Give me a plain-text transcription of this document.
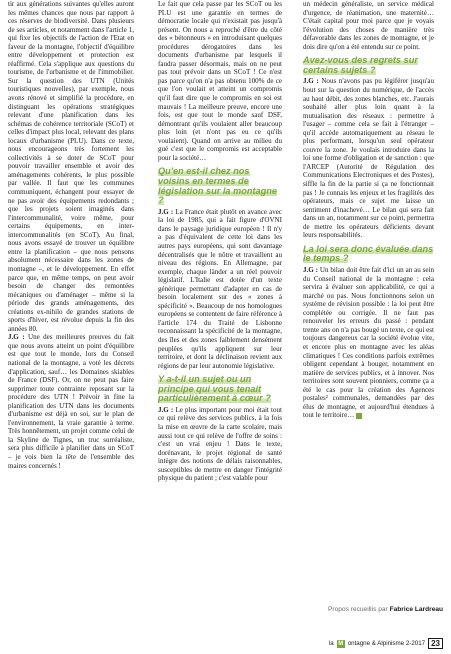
tir aux générations suivantes qu'elles auront les mêmes chances que nous par rapport à ces réserves de biodiversité. Dans plusieurs de ses articles, et notamment dans l'article 1, qui fixe les objectifs de l'action de l'Etat en faveur de la montagne, l'objectif d'équilibre entre développement et protection est réaffirmé. Cela s'applique aux questions du tourisme, de l'urbanisme et de l'immobilier. Sur la question des UTN (Unités touristiques nouvelles), par exemple, nous avons rénové et simplifié la procédure, en distinguant les opérations stratégiques relevant d'une planification dans les schémas de cohérence territoriale (SCoT) et celles d'impact plus local, relevant des plans locaux d'urbanisme (PLU). Dans ce texte, nous encourageons très fortement les collectivités à se doter de SCoT pour pouvoir travailler ensemble et avoir des aménagements cohérents, le plus possible par vallée. Il faut que les communes communiquent, échangent pour essayer de ne pas avoir des équipements redondants ; que les projets soient imaginés dans l'intercommunalité, voire même, pour certains équipements, en inter-intercommunalités (en SCoT). Au final, nous avons essayé de trouver un équilibre entre la planification – que nous pensons absolument nécessaire dans les zones de montagne –, et le développement. En effet parce que, en même temps, on peut avoir besoin de changer des remontées mécaniques ou d'aménager – même si la période des grands aménagements, des créations ex-nihilo de grandes stations de sports d'hiver, est révolue depuis la fin des années 80.

J.G : Une des meilleures preuves du fait que nous avons atteint un point d'équilibre est que tout le monde, lors du Conseil national de la montagne, a voté les décrets d'application, sauf… les Domaines skiables de France (DSF). Or, on ne peut pas faire supprimer toute contrainte reposant sur la procédure des UTN ! Prévoir in fine la planification des UTN dans les documents d'urbanisme est déjà en soi, sur le plan de l'environnement, la vraie garantie à terme. Très honnêtement, un projet comme celui de la Skyline de Tignes, un truc surréaliste, sera plus difficile à planifier dans un SCoT – je vois bien la tête de l'ensemble des maires concernés !

Le fait que cela passe par les SCoT ou les PLU est une garantie en termes de démocratie locale qui n'existait pas jusqu'à présent. On nous a reproché d'être du côté des « bétonneurs » en introduisant quelques procédures dérogatoires dans les documents d'urbanisme par lesquels il faudra passer désormais, mais on ne peut pas tout prévoir dans un SCoT ! Ce n'est pas parce qu'on n'a pas obtenu 100% de ce que l'on voulait et atteint un compromis qu'il faut dire que le compromis en soi est mauvais ! La meilleure preuve, encore une fois, est que tout le monde sauf DSF, démontrant qu'ils voulaient aller beaucoup plus loin (et n'ont pas eu ce qu'ils voulaient). Quand on arrive au milieu du gué c'est que le compromis est acceptable pour la société…

Qu'en est-il chez nos voisins en termes de législation sur la montagne ?

J.G : La France était plutôt en avance avec la loi de 1985, qui a fait figure d'OVNI dans le paysage juridique européen ! Il n'y a pas d'équivalent de cette loi dans les autres pays européens, qui sont davantage décentralisés que le nôtre et travaillent au niveau des régions. En Allemagne, par exemple, chaque länder a un réel pouvoir législatif. L'Italie est dotée d'un texte générique permettant d'adapter en cas de besoin localement sur des « zones à spécificité ». Beaucoup de nos homologues européens se contentent de faire référence à l'article 174 du Traité de Lisbonne reconnaissant la spécificité de la montagne, des îles et des zones faiblement densément peuplées qu'ils appliquent sur leur territoire, et dont la déclinaison revient aux régions de par leur autonomie législative.

Y a-t-il un sujet ou un principe qui vous tenait particulièrement à cœur ?

J.G : Le plus important pour moi était tout ce qui relève des services publics, à la fois la mise en œuvre de la carte scolaire, mais aussi tout ce qui relève de l'offre de soins : c'est un vrai enjeu ! Dans le texte, dorénavant, le projet régional de santé intègre des notions de délais raisonnables, susceptibles de mettre en danger l'intégrité physique du patient ; c'est valable pour

un médecin généraliste, un service médical d'urgence, de réanimation, une maternité… C'était capital pour moi parce que je voyais l'évolution des choses de manière très défavorable dans les zones de montagne, et je dois dire qu'on a été entendu sur ce point.

Avez-vous des regrets sur certains sujets ?

J.G : Nous n'avons pas pu légiférer jusqu'au bout sur la question du numérique, de l'accès au haut débit, des zones blanches, etc. J'aurais souhaité aller plus loin quant à la mutualisation des réseaux : permettre à l'usager – comme cela se fait à l'étranger – qu'il accède automatiquement au réseau le plus performant, lorsqu'un seul opérateur couvre la zone. Je voulais introduire dans la loi une forme d'obligation et de sanction : que l'ARCEP (Autorité de Régulation des Communications Electroniques et des Postes), siffle la fin de la partie si ça ne fonctionnait pas ! Je connais les enjeux et les fragilités des opérateurs, mais ce sujet me laisse un sentiment d'inachevé… Le bilan qui sera fait dans un an, notamment sur ce point, permettra de mettre les opérateurs déficients devant leurs responsabilités.

La loi sera donc évaluée dans le temps ?

J.G : Un bilan doit être fait d'ici un an au sein du Conseil national de la montagne : cela servira à évaluer son applicabilité, ce qui a marché ou pas. Nous fonctionnons selon un système de révision possible : la loi peut être complétée ou corrigée. Il ne faut pas renouveler les erreurs du passé : pendant trente ans on n'a pas bougé un texte, ce qui est toujours dangereux car la société évolue vite, et encore plus en montagne avec les aléas climatiques ! Ces conditions parfois extrêmes obligent cependant à bouger, notamment en matière de services publics, et à innover. Nos territoires sont souvent pionniers, comme ça a été le cas pour la création des Agences postales² communales, demandées par des élus de montagne, et aujourd'hui étendues à tout le territoire…

Propos recueillis par Fabrice Lardreau
la M ontagne & Alpinisme 2-2017 23
